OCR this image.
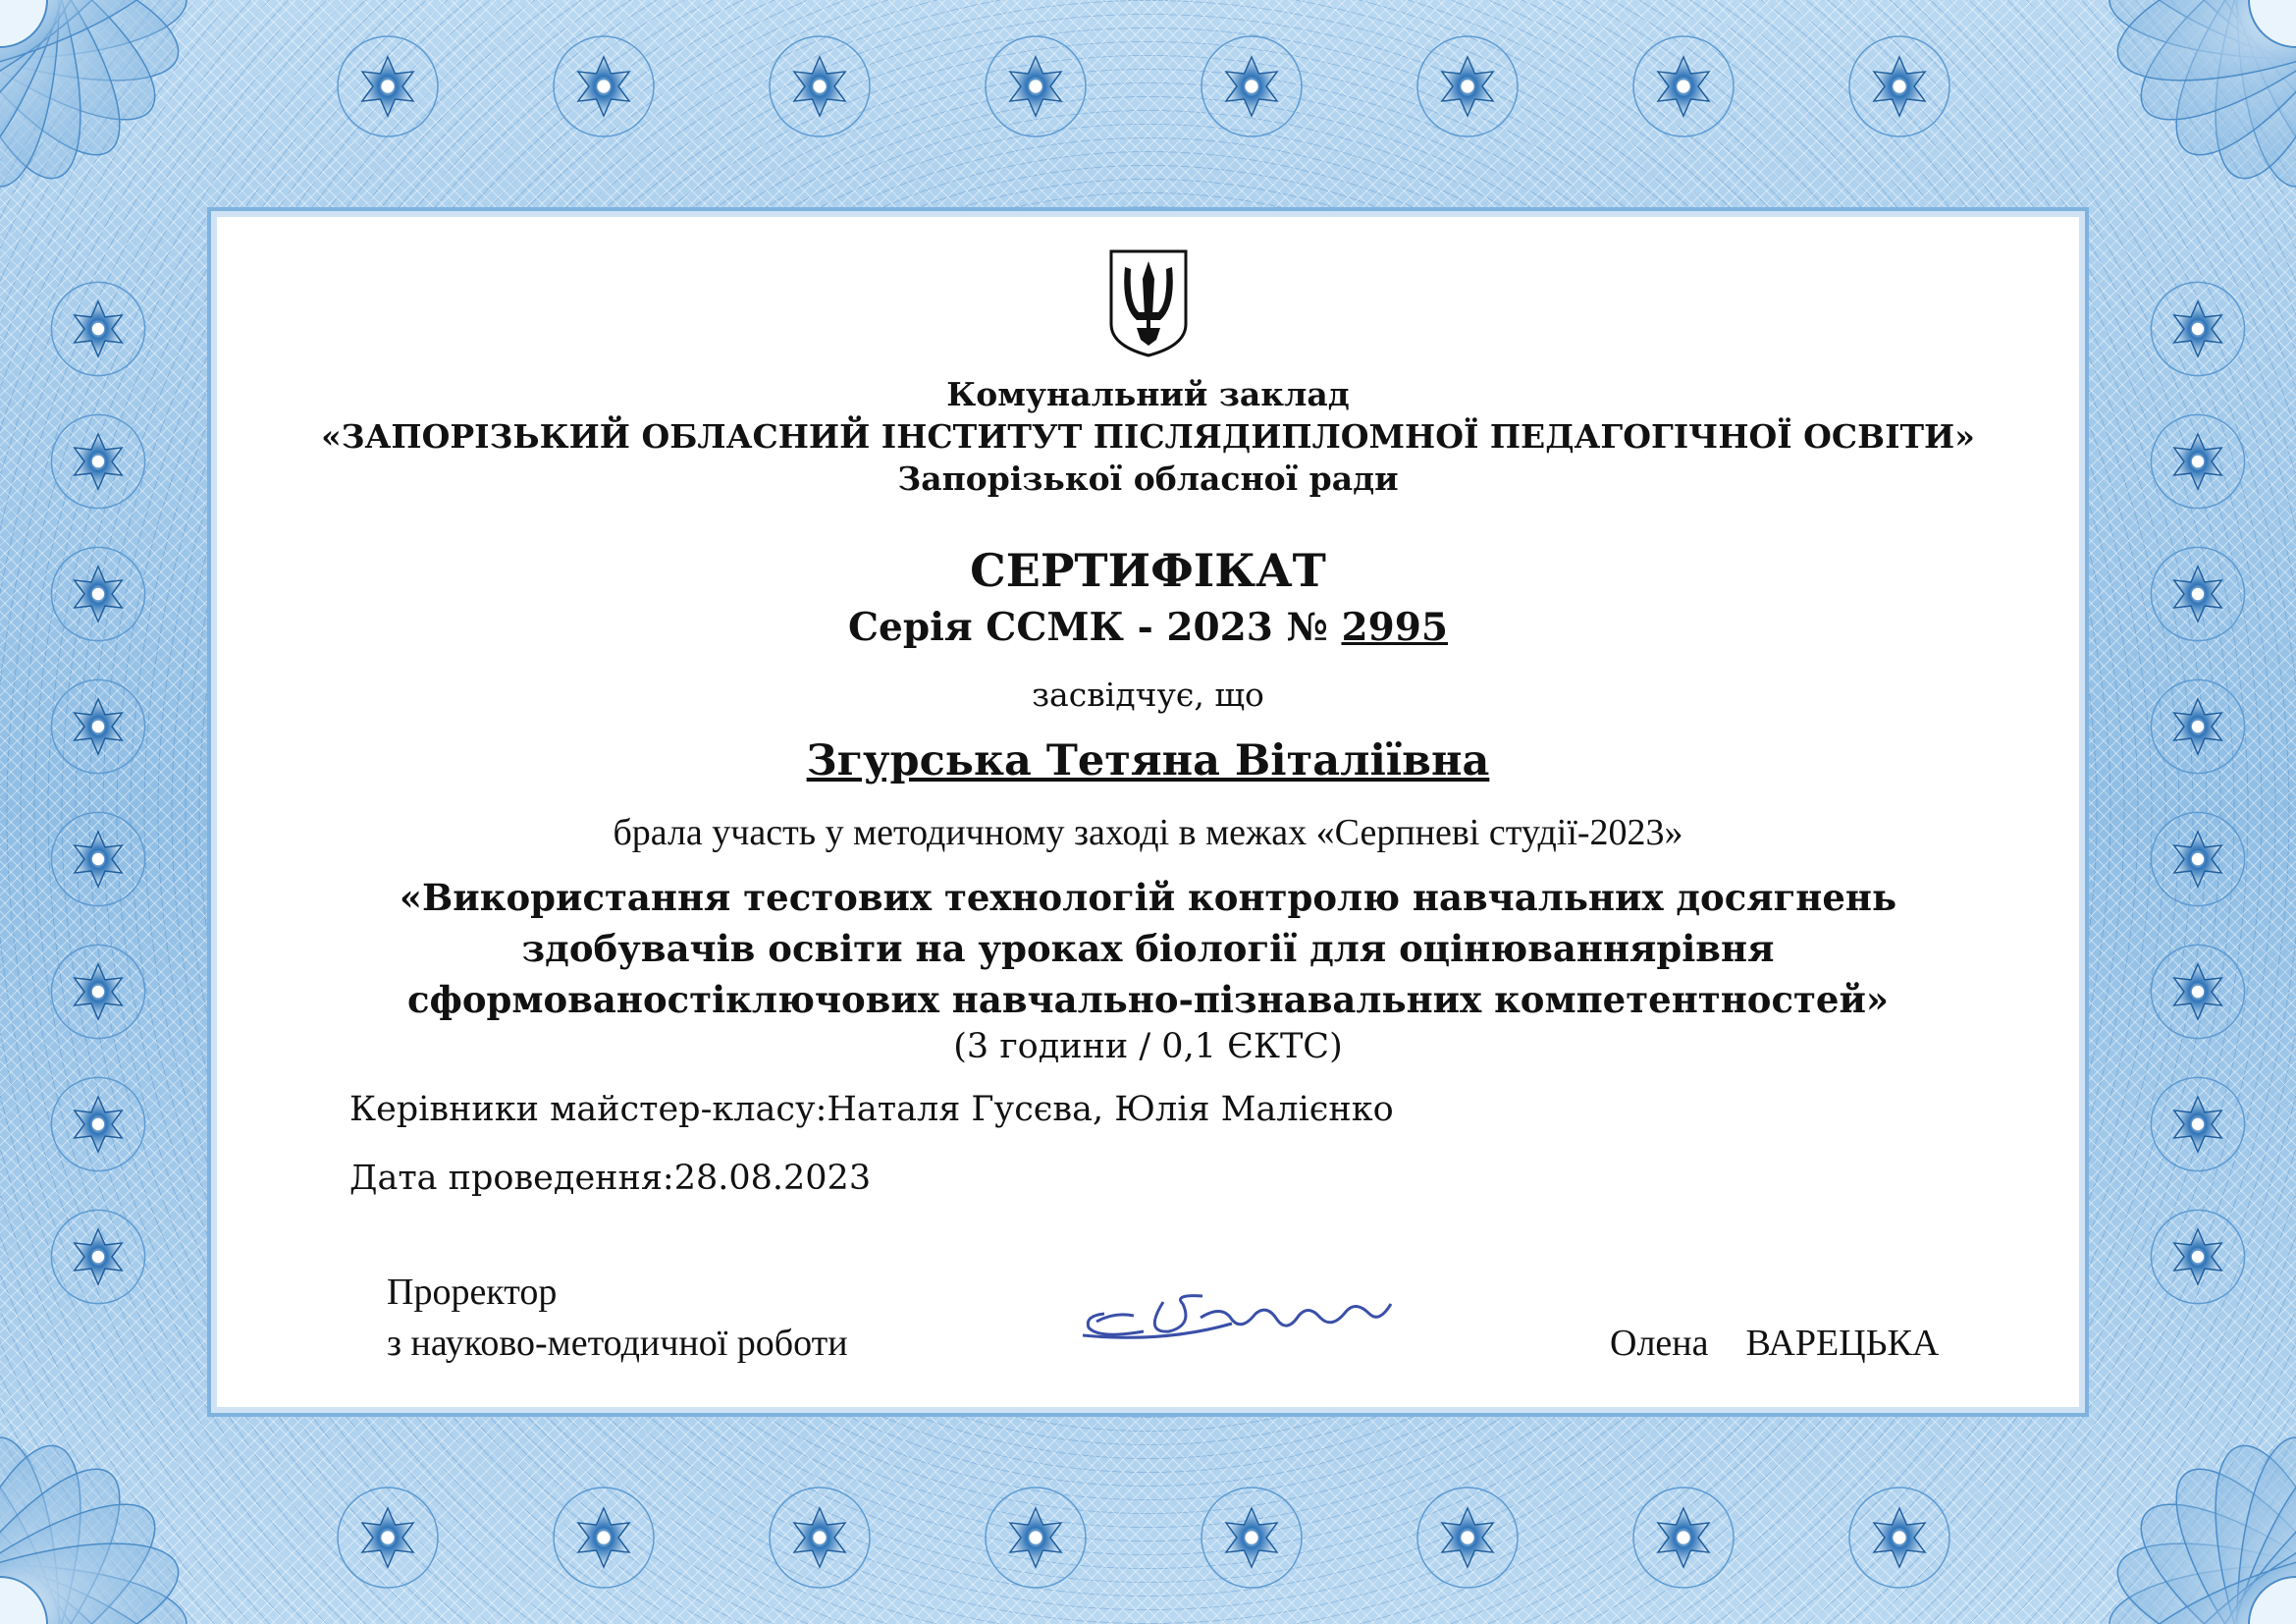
Комунальний заклад
«ЗАПОРІЗЬКИЙ ОБЛАСНИЙ ІНСТИТУТ ПІСЛЯДИПЛОМНОЇ ПЕДАГОГІЧНОЇ ОСВІТИ»
Запорізької обласної ради
СЕРТИФІКАТ
Серія ССМК - 2023 № 2995
засвідчує, що
Згурська Тетяна Віталіївна
брала участь у методичному заході в межах «Серпневі студії-2023»
«Використання тестових технологій контролю навчальних досягнень
здобувачів освіти на уроках біології для оцінюваннярівня
сформованостіключових навчально-пізнавальних компетентностей»
(3 години / 0,1 ЄКТС)
Керівники майстер-класу:Наталя Гусєва, Юлія Малієнко
Дата проведення:28.08.2023
Проректор
з науково-методичної роботи	Є.Варецька	Олена ВАРЕЦЬКА
